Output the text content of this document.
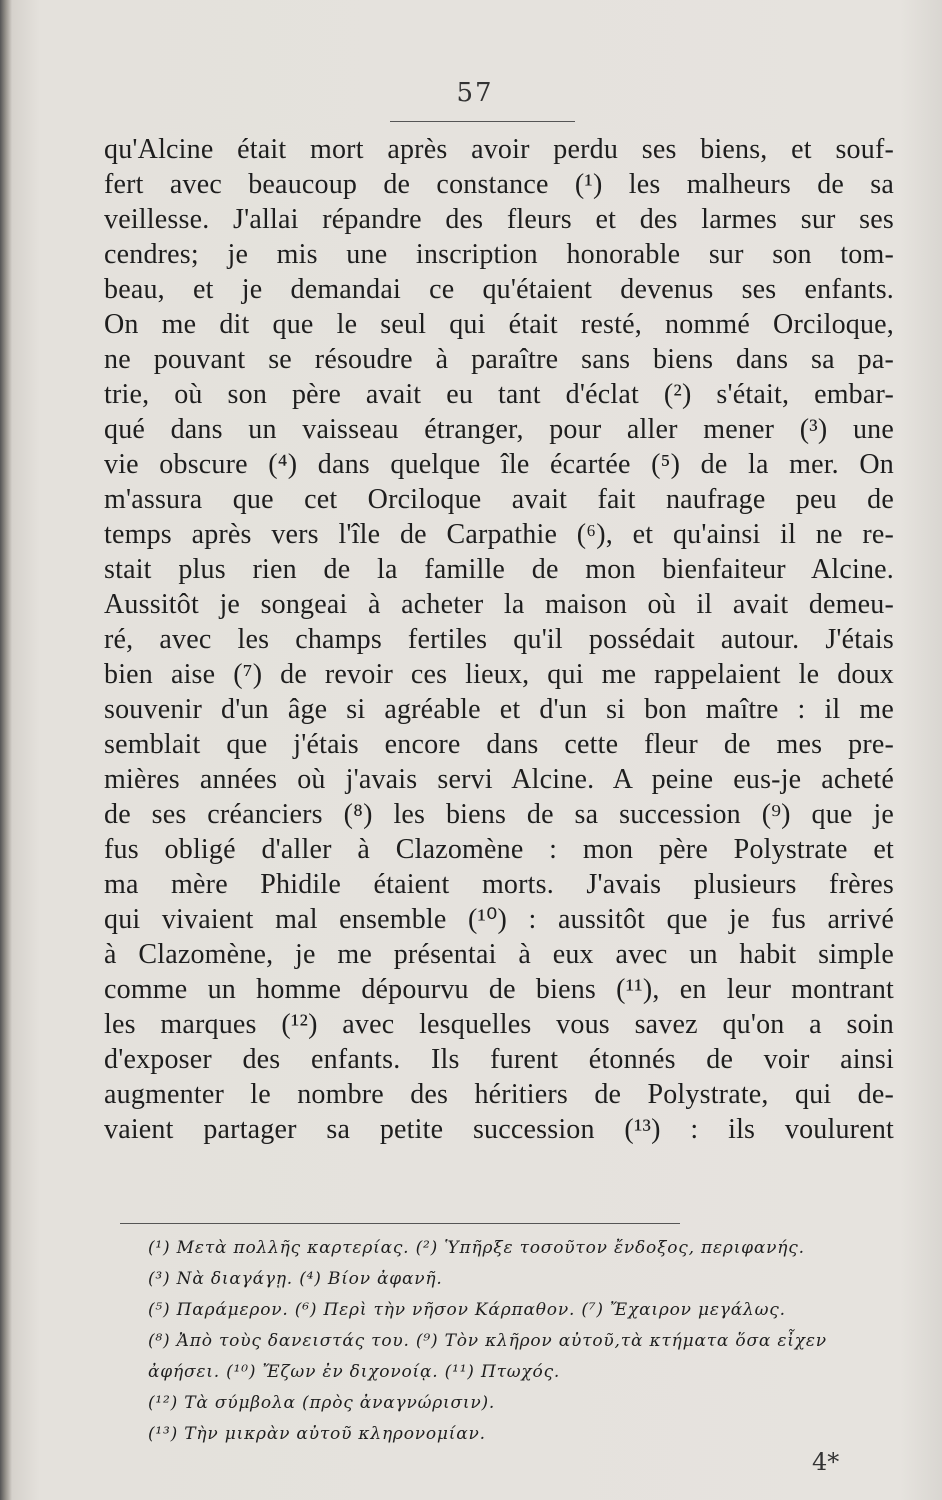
57
qu'Alcine était mort après avoir perdu ses biens, et souf-
fert avec beaucoup de constance (¹) les malheurs de sa
veillesse. J'allai répandre des fleurs et des larmes sur ses
cendres; je mis une inscription honorable sur son tom-
beau, et je demandai ce qu'étaient devenus ses enfants.
On me dit que le seul qui était resté, nommé Orciloque,
ne pouvant se résoudre à paraître sans biens dans sa pa-
trie, où son père avait eu tant d'éclat (²) s'était, embar-
qué dans un vaisseau étranger, pour aller mener (³) une
vie obscure (⁴) dans quelque île écartée (⁵) de la mer. On
m'assura que cet Orciloque avait fait naufrage peu de
temps après vers l'île de Carpathie (⁶), et qu'ainsi il ne re-
stait plus rien de la famille de mon bienfaiteur Alcine.
Aussitôt je songeai à acheter la maison où il avait demeu-
ré, avec les champs fertiles qu'il possédait autour. J'étais
bien aise (⁷) de revoir ces lieux, qui me rappelaient le doux
souvenir d'un âge si agréable et d'un si bon maître : il me
semblait que j'étais encore dans cette fleur de mes pre-
mières années où j'avais servi Alcine. A peine eus-je acheté
de ses créanciers (⁸) les biens de sa succession (⁹) que je
fus obligé d'aller à Clazomène : mon père Polystrate et
ma mère Phidile étaient morts. J'avais plusieurs frères
qui vivaient mal ensemble (¹⁰) : aussitôt que je fus arrivé
à Clazomène, je me présentai à eux avec un habit simple
comme un homme dépourvu de biens (¹¹), en leur montrant
les marques (¹²) avec lesquelles vous savez qu'on a soin
d'exposer des enfants. Ils furent étonnés de voir ainsi
augmenter le nombre des héritiers de Polystrate, qui de-
vaient partager sa petite succession (¹³) : ils voulurent
(¹) Μετὰ πολλῆς καρτερίας. (²) Ὑπῆρξε τοσοῦτον ἔνδοξος, περιφανής.
(³) Νὰ διαγάγῃ. (⁴) Βίον ἀφανῆ.
(⁵) Παράμερον. (⁶) Περὶ τὴν νῆσον Κάρπαθον. (⁷) Ἔχαιρον μεγάλως.
(⁸) Ἀπὸ τοὺς δανειστάς του. (⁹) Τὸν κλῆρον αὐτοῦ,τὰ κτήματα ὅσα εἶχεν
ἀφήσει. (¹⁰) Ἔζων ἐν διχονοίᾳ. (¹¹) Πτωχός.
(¹²) Τὰ σύμβολα (πρὸς ἀναγνώρισιν).
(¹³) Τὴν μικρὰν αὐτοῦ κληρονομίαν.
4*
